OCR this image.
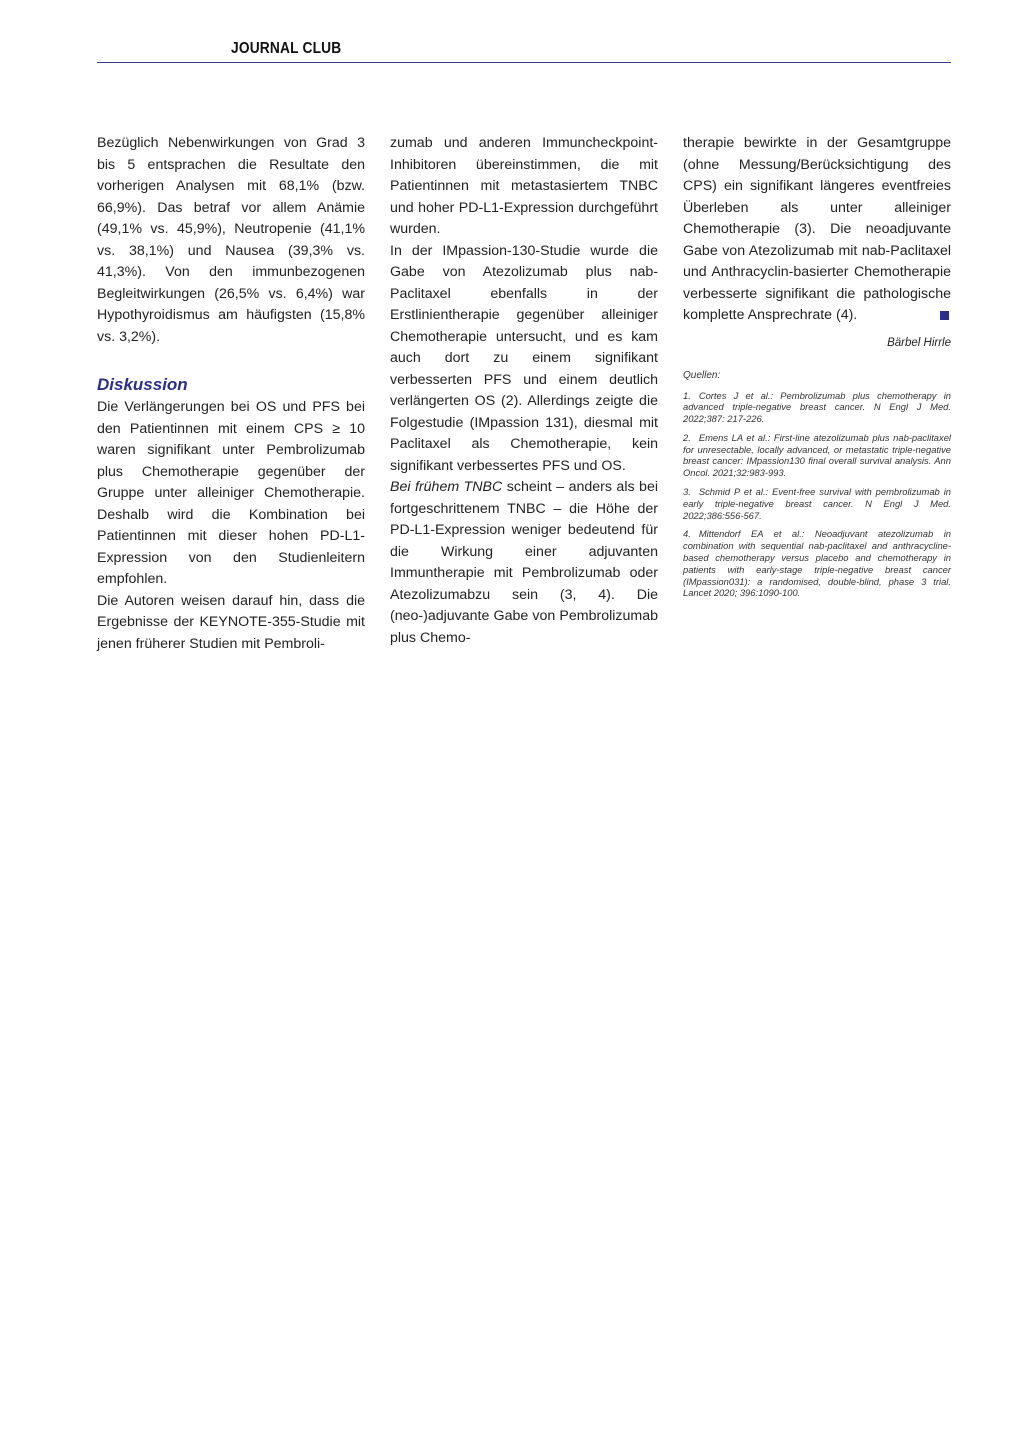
JOURNAL CLUB

Bezüglich Nebenwirkungen von Grad 3 bis 5 entsprachen die Resultate den vorherigen Analysen mit 68,1% (bzw. 66,9%). Das betraf vor allem Anämie (49,1% vs. 45,9%), Neutropenie (41,1% vs. 38,1%) und Nausea (39,3% vs. 41,3%). Von den immunbezogenen Begleitwirkungen (26,5% vs. 6,4%) war Hypothyroidismus am häufigsten (15,8% vs. 3,2%).

Diskussion

Die Verlängerungen bei OS und PFS bei den Patientinnen mit einem CPS ≥ 10 waren signifikant unter Pembrolizumab plus Chemotherapie gegenüber der Gruppe unter alleiniger Chemotherapie. Deshalb wird die Kombination bei Patientinnen mit dieser hohen PD-L1-Expression von den Studienleitern empfohlen.

Die Autoren weisen darauf hin, dass die Ergebnisse der KEYNOTE-355-Studie mit jenen früherer Studien mit Pembroli-

zumab und anderen Immuncheckpoint-Inhibitoren übereinstimmen, die mit Patientinnen mit metastasiertem TNBC und hoher PD-L1-Expression durchgeführt wurden.

In der IMpassion-130-Studie wurde die Gabe von Atezolizumab plus nab-Paclitaxel ebenfalls in der Erstlinientherapie gegenüber alleiniger Chemotherapie untersucht, und es kam auch dort zu einem signifikant verbesserten PFS und einem deutlich verlängerten OS (2). Allerdings zeigte die Folgestudie (IMpassion 131), diesmal mit Paclitaxel als Chemotherapie, kein signifikant verbessertes PFS und OS.

Bei frühem TNBC scheint – anders als bei fortgeschrittenem TNBC – die Höhe der PD-L1-Expression weniger bedeutend für die Wirkung einer adjuvanten Immuntherapie mit Pembrolizumab oder Atezolizumabzu sein (3, 4). Die (neo-)adjuvante Gabe von Pembrolizumab plus Chemo-

therapie bewirkte in der Gesamtgruppe (ohne Messung/Berücksichtigung des CPS) ein signifikant längeres eventfreies Überleben als unter alleiniger Chemotherapie (3). Die neoadjuvante Gabe von Atezolizumab mit nab-Paclitaxel und Anthracyclin-basierter Chemotherapie verbesserte signifikant die pathologische komplette Ansprechrate (4).

Bärbel Hirrle
Quellen:
1. Cortes J et al.: Pembrolizumab plus chemotherapy in advanced triple-negative breast cancer. N Engl J Med. 2022;387: 217-226.
2. Emens LA et al.: First-line atezolizumab plus nab-paclitaxel for unresectable, locally advanced, or metastatic triple-negative breast cancer: IMpassion130 final overall survival analysis. Ann Oncol. 2021;32:983-993.
3. Schmid P et al.: Event-free survival with pembrolizumab in early triple-negative breast cancer. N Engl J Med. 2022;386:556-567.
4. Mittendorf EA et al.: Neoadjuvant atezolizumab in combination with sequential nab-paclitaxel and anthracycline-based chemotherapy versus placebo and chemotherapy in patients with early-stage triple-negative breast cancer (IMpassion031): a randomised, double-blind, phase 3 trial. Lancet 2020; 396:1090-100.
